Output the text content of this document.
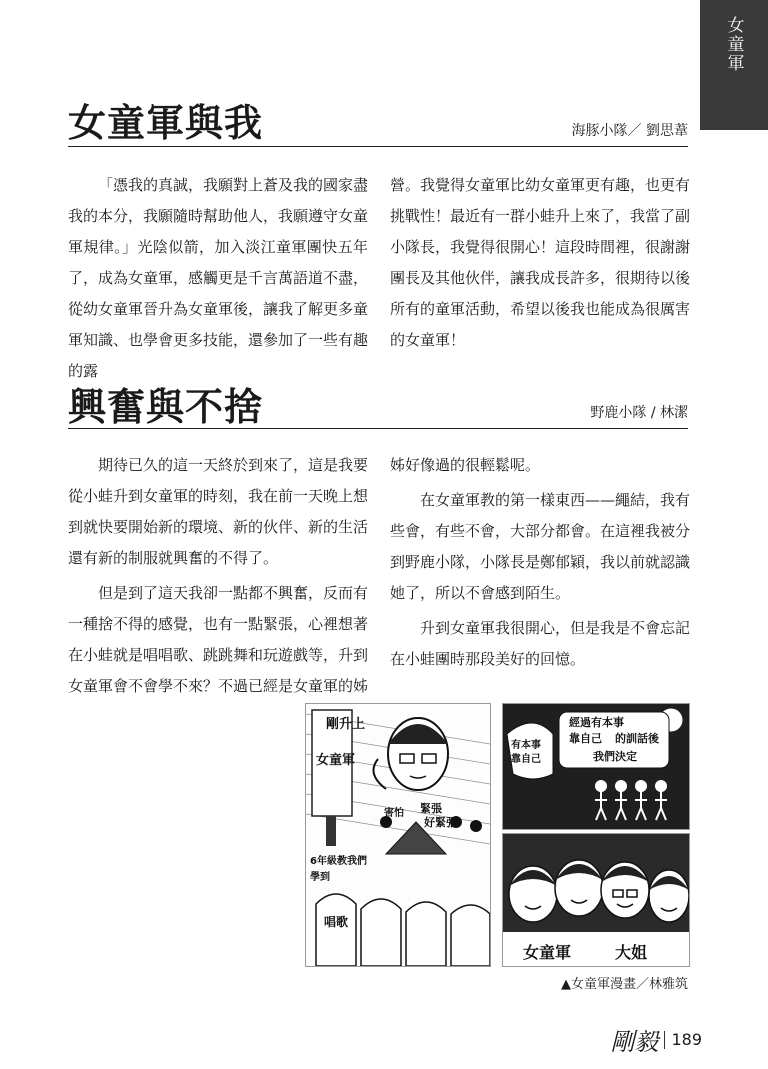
女童軍
女童軍與我	海豚小隊／ 劉思葦

「憑我的真誠，我願對上蒼及我的國家盡我的本分，我願隨時幫助他人，我願遵守女童軍規律。」光陰似箭，加入淡江童軍團快五年了，成為女童軍，感觸更是千言萬語道不盡，從幼女童軍晉升為女童軍後，讓我了解更多童軍知識、也學會更多技能，還參加了一些有趣的露

營。我覺得女童軍比幼女童軍更有趣，也更有挑戰性！最近有一群小蛙升上來了，我當了副小隊長，我覺得很開心！這段時間裡，很謝謝團長及其他伙伴，讓我成長許多，很期待以後所有的童軍活動，希望以後我也能成為很厲害的女童軍！

興奮與不捨	野鹿小隊 / 林潔

期待已久的這一天終於到來了，這是我要從小蛙升到女童軍的時刻，我在前一天晚上想到就快要開始新的環境、新的伙伴、新的生活還有新的制服就興奮的不得了。

但是到了這天我卻一點都不興奮，反而有一種捨不得的感覺，也有一點緊張，心裡想著在小蛙就是唱唱歌、跳跳舞和玩遊戲等，升到女童軍會不會學不來？不過已經是女童軍的姊

姊好像過的很輕鬆呢。

在女童軍教的第一樣東西——繩結，我有些會，有些不會，大部分都會。在這裡我被分到野鹿小隊，小隊長是鄭郁穎，我以前就認識她了，所以不會感到陌生。

升到女童軍我很開心，但是我是不會忘記在小蛙團時那段美好的回憶。

剛升上
女童軍
緊張
好緊張
害怕
6年級教我們
學到
唱歌
經過有本事
靠自己 的訓話後
我們決定
有本事
靠自己
女童軍	大姐
▲女童軍漫畫／林雅筑
剛毅 189
